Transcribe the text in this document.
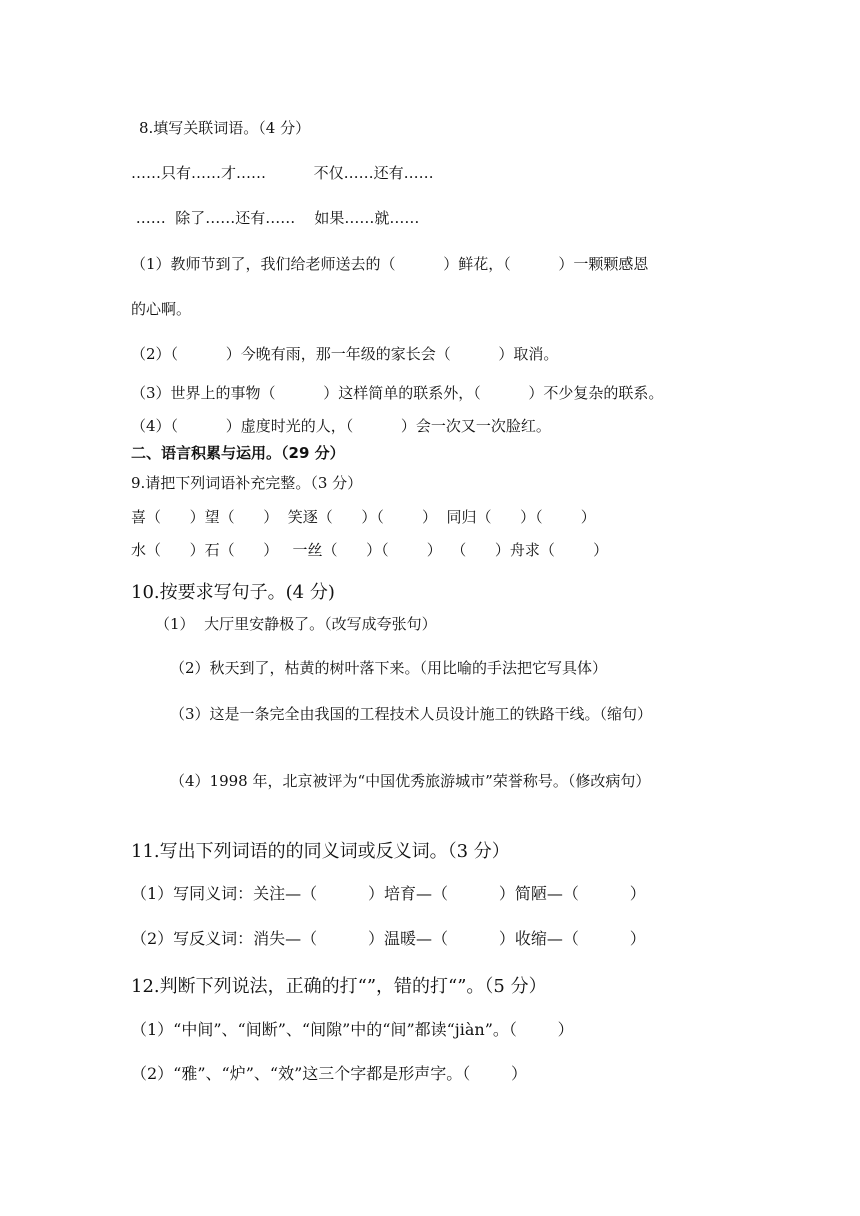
8.填写关联词语。（4 分）
……只有……才……          不仅……还有……
……  除了……还有……    如果……就……
（1）教师节到了，我们给老师送去的（          ）鲜花，（          ）一颗颗感恩
的心啊。
（2）（          ）今晚有雨，那一年级的家长会（          ）取消。
（3）世界上的事物（          ）这样简单的联系外，（          ）不少复杂的联系。
（4）（          ）虚度时光的人，（          ）会一次又一次脸红。
二、语言积累与运用。（29 分）
9.请把下列词语补充完整。（3 分）
喜（      ）望（      ）  笑逐（      ）（        ）  同归（      ）（        ）
水（      ）石（      ）   一丝（      ）（        ）  （      ）舟求（        ）
10.按要求写句子。(4 分)
（1）  大厅里安静极了。（改写成夸张句）
（2）秋天到了，枯黄的树叶落下来。（用比喻的手法把它写具体）
（3）这是一条完全由我国的工程技术人员设计施工的铁路干线。（缩句）
（4）1998 年，北京被评为“中国优秀旅游城市”荣誉称号。（修改病句）
11.写出下列词语的的同义词或反义词。（3 分）
（1）写同义词：关注—（          ）培育—（          ）简陋—（          ）
（2）写反义词：消失—（          ）温暖—（          ）收缩—（          ）
12.判断下列说法，正确的打“”，错的打“”。（5 分）
（1）“中间”、“间断”、“间隙”中的“间”都读“jiàn”。（        ）
（2）“雅”、“炉”、“效”这三个字都是形声字。（        ）
